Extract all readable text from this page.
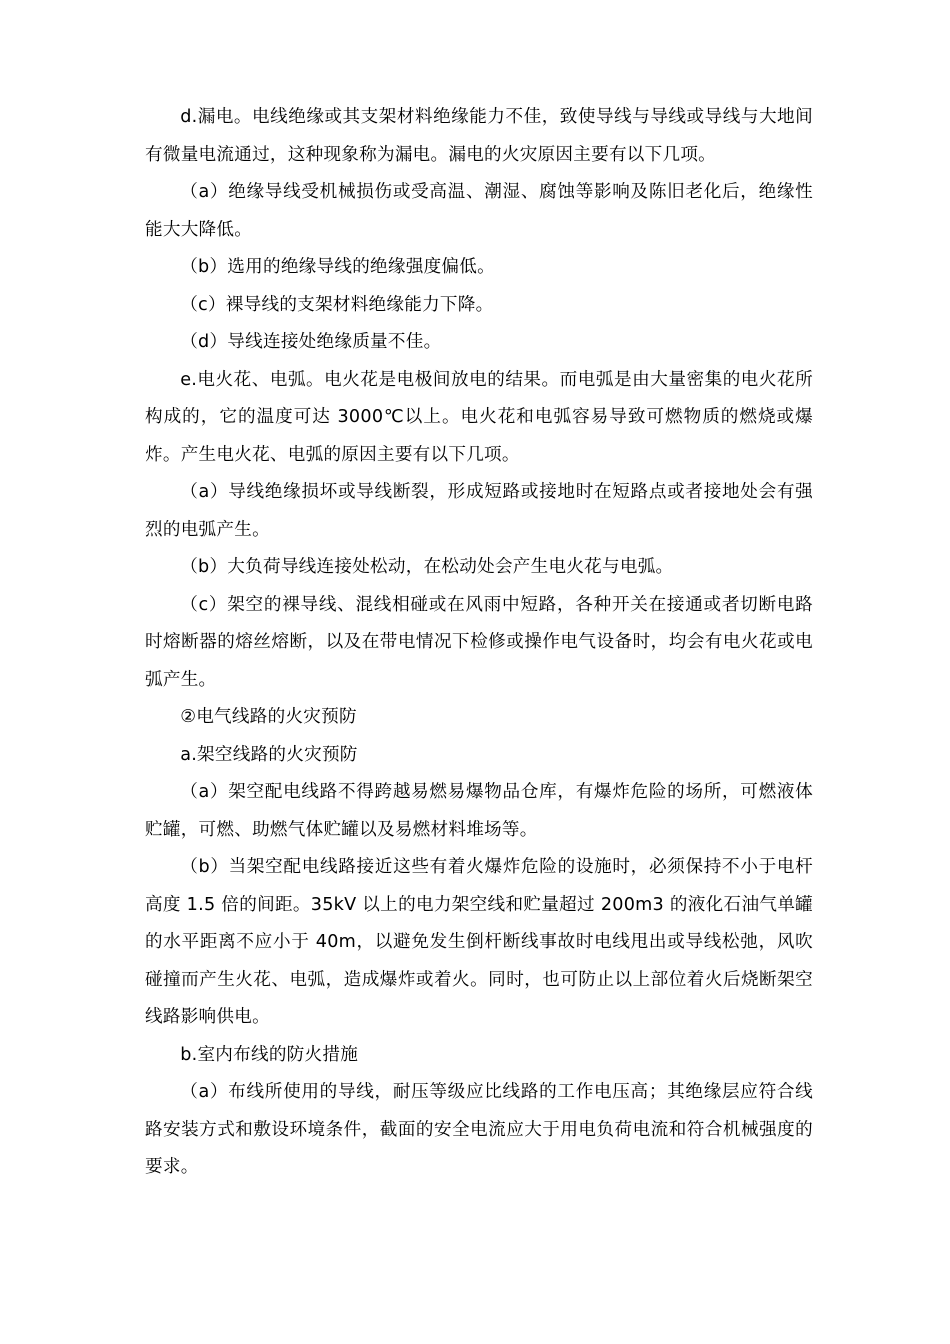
d.漏电。电线绝缘或其支架材料绝缘能力不佳，致使导线与导线或导线与大地间有微量电流通过，这种现象称为漏电。漏电的火灾原因主要有以下几项。

（a）绝缘导线受机械损伤或受高温、潮湿、腐蚀等影响及陈旧老化后，绝缘性能大大降低。

（b）选用的绝缘导线的绝缘强度偏低。

（c）裸导线的支架材料绝缘能力下降。

（d）导线连接处绝缘质量不佳。

e.电火花、电弧。电火花是电极间放电的结果。而电弧是由大量密集的电火花所构成的，它的温度可达 3000℃以上。电火花和电弧容易导致可燃物质的燃烧或爆炸。产生电火花、电弧的原因主要有以下几项。

（a）导线绝缘损坏或导线断裂，形成短路或接地时在短路点或者接地处会有强烈的电弧产生。

（b）大负荷导线连接处松动，在松动处会产生电火花与电弧。

（c）架空的裸导线、混线相碰或在风雨中短路，各种开关在接通或者切断电路时熔断器的熔丝熔断，以及在带电情况下检修或操作电气设备时，均会有电火花或电弧产生。

②电气线路的火灾预防

a.架空线路的火灾预防

（a）架空配电线路不得跨越易燃易爆物品仓库，有爆炸危险的场所，可燃液体贮罐，可燃、助燃气体贮罐以及易燃材料堆场等。

（b）当架空配电线路接近这些有着火爆炸危险的设施时，必须保持不小于电杆高度 1.5 倍的间距。35kV 以上的电力架空线和贮量超过 200m3 的液化石油气单罐的水平距离不应小于 40m，以避免发生倒杆断线事故时电线甩出或导线松弛，风吹碰撞而产生火花、电弧，造成爆炸或着火。同时，也可防止以上部位着火后烧断架空线路影响供电。

b.室内布线的防火措施

（a）布线所使用的导线，耐压等级应比线路的工作电压高；其绝缘层应符合线路安装方式和敷设环境条件，截面的安全电流应大于用电负荷电流和符合机械强度的要求。
